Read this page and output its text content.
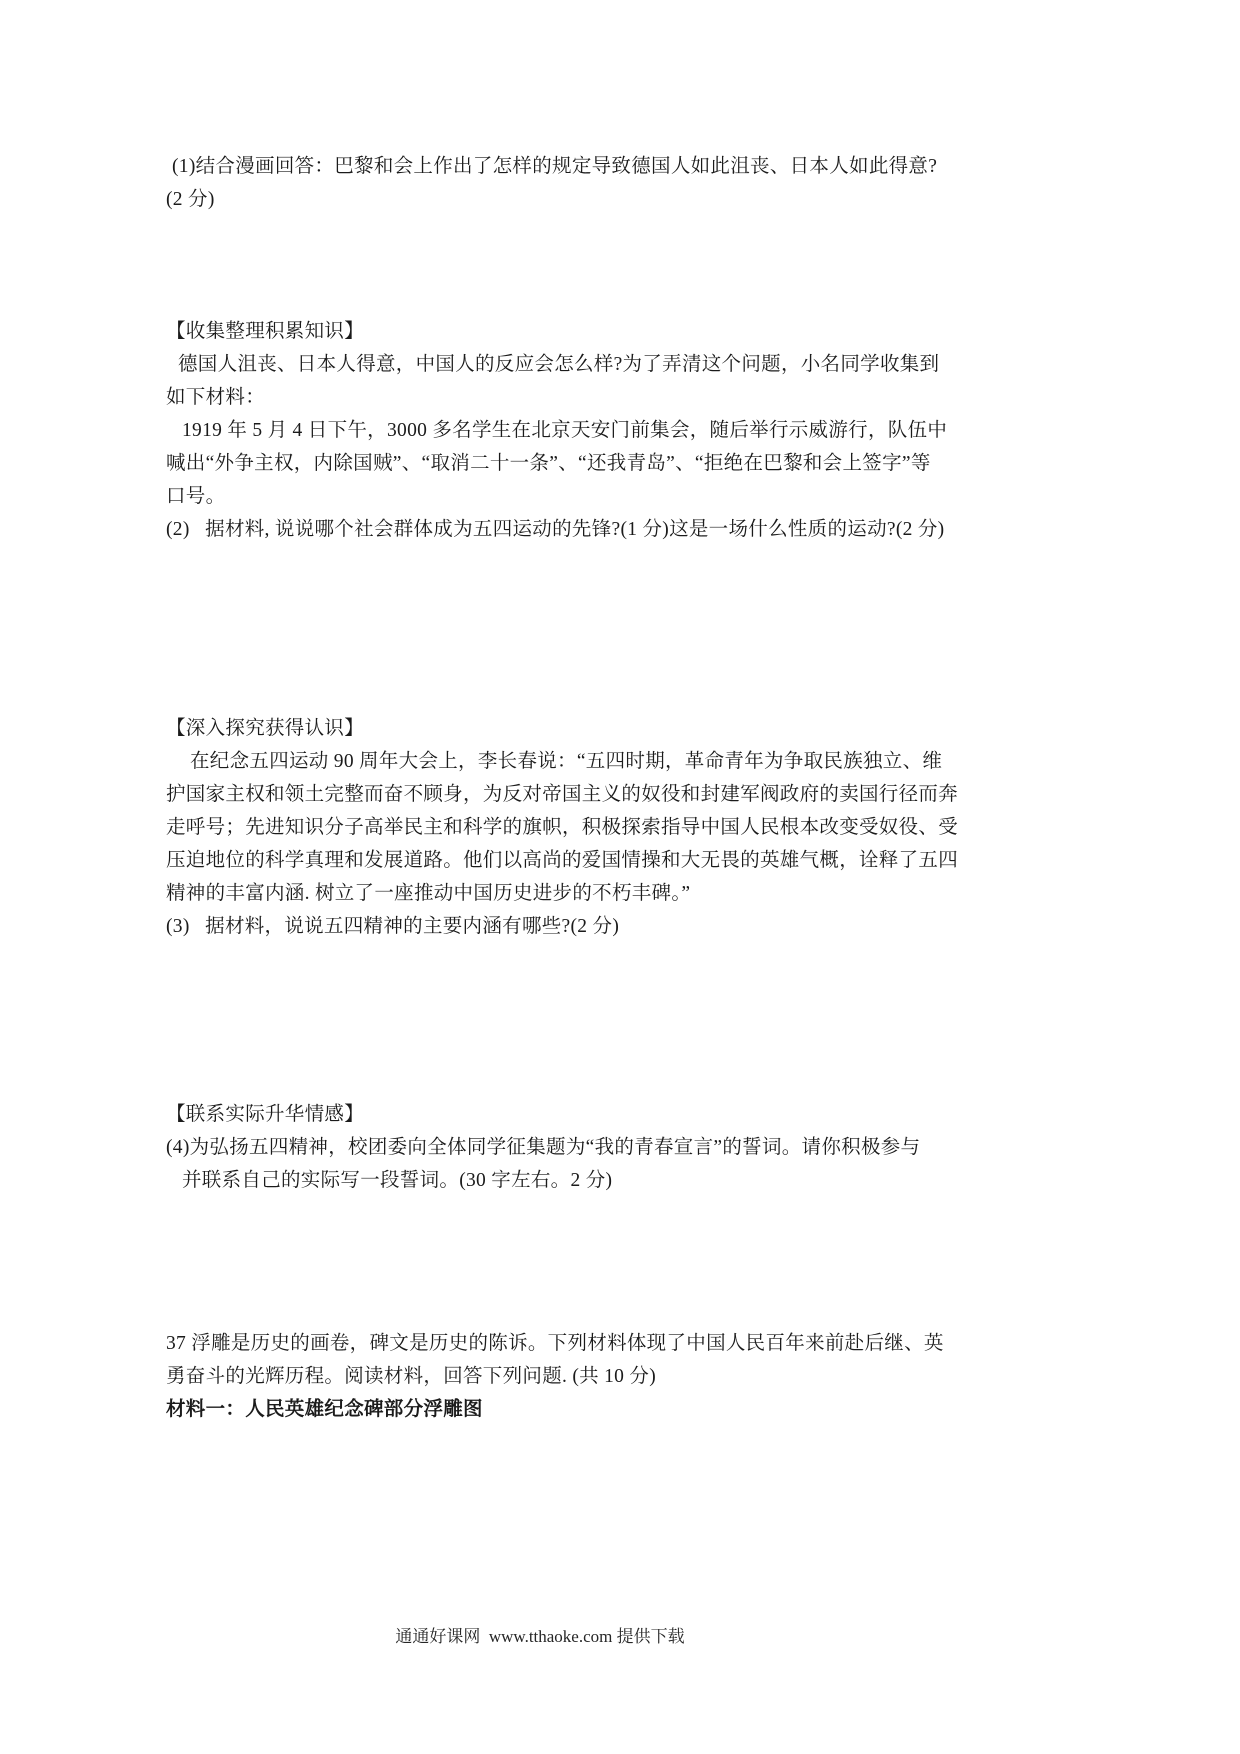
(1)结合漫画回答：巴黎和会上作出了怎样的规定导致德国人如此沮丧、日本人如此得意?
(2 分)
【收集整理积累知识】
德国人沮丧、日本人得意，中国人的反应会怎么样?为了弄清这个问题，小名同学收集到
如下材料：
1919 年 5 月 4 日下午，3000 多名学生在北京天安门前集会，随后举行示威游行，队伍中
喊出“外争主权，内除国贼”、“取消二十一条”、“还我青岛”、“拒绝在巴黎和会上签字”等
口号。
(2)   据材料, 说说哪个社会群体成为五四运动的先锋?(1 分)这是一场什么性质的运动?(2 分)
【深入探究获得认识】
在纪念五四运动 90 周年大会上，李长春说：“五四时期，革命青年为争取民族独立、维
护国家主权和领土完整而奋不顾身，为反对帝国主义的奴役和封建军阀政府的卖国行径而奔
走呼号；先进知识分子高举民主和科学的旗帜，积极探索指导中国人民根本改变受奴役、受
压迫地位的科学真理和发展道路。他们以高尚的爱国情操和大无畏的英雄气概，诠释了五四
精神的丰富内涵. 树立了一座推动中国历史进步的不朽丰碑。”
(3)   据材料，说说五四精神的主要内涵有哪些?(2 分)
【联系实际升华情感】
(4)为弘扬五四精神，校团委向全体同学征集题为“我的青春宣言”的誓词。请你积极参与
并联系自己的实际写一段誓词。(30 字左右。2 分)
37 浮雕是历史的画卷，碑文是历史的陈诉。下列材料体现了中国人民百年来前赴后继、英
勇奋斗的光辉历程。阅读材料，回答下列问题. (共 10 分)
材料一：人民英雄纪念碑部分浮雕图
通通好课网  www.tthaoke.com 提供下载
